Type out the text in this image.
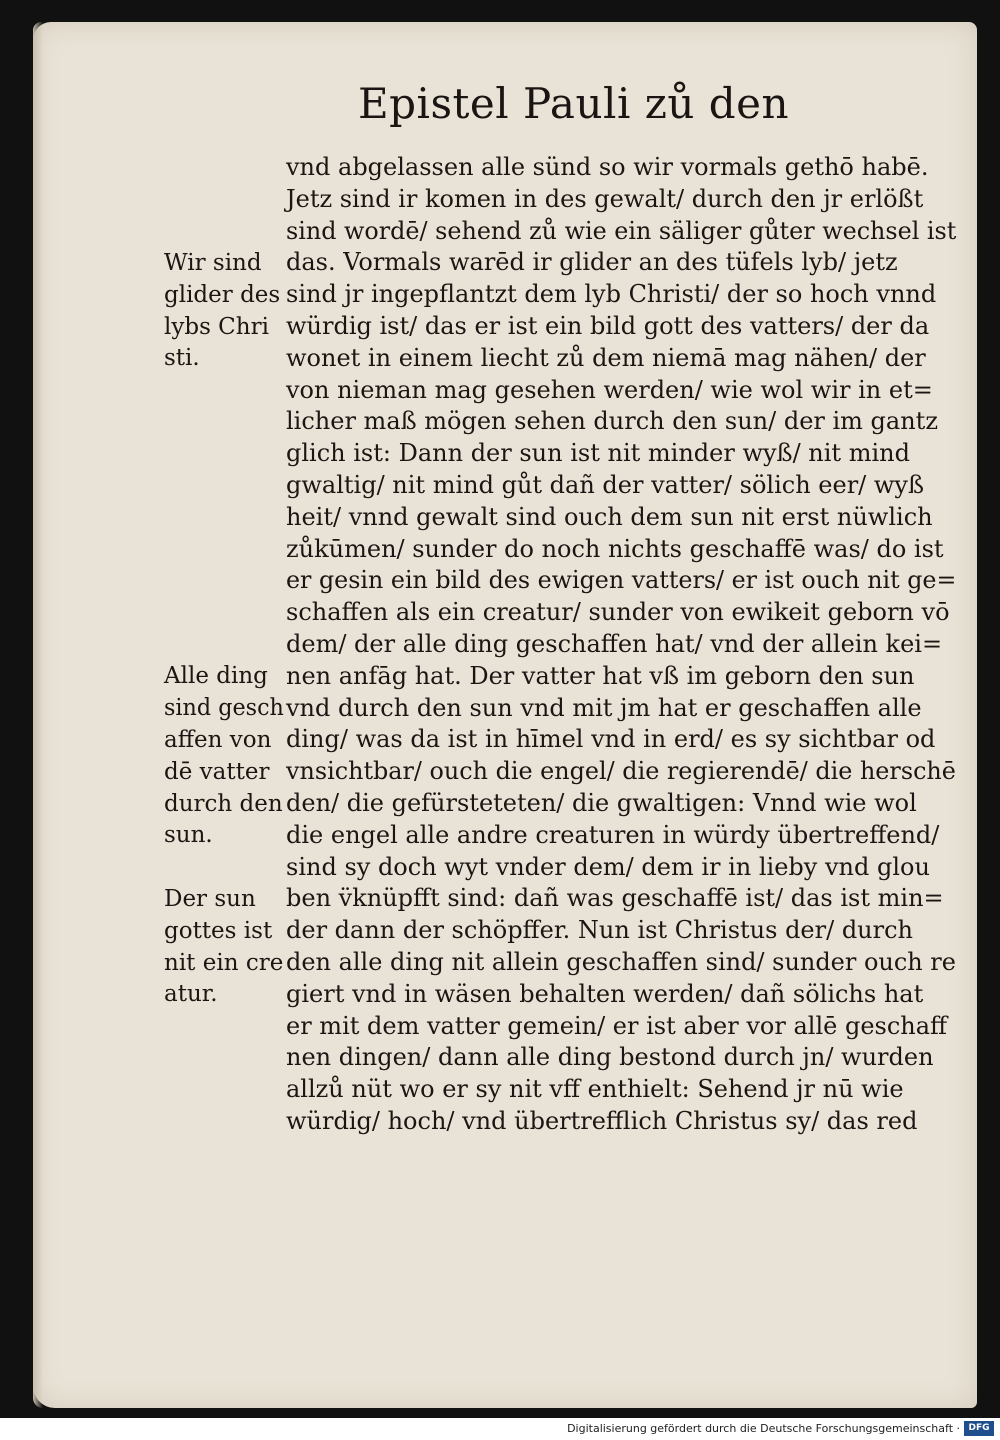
Epistel Pauli zů den
vnd abgelassen alle sünd so wir vormals gethō habē.
Jetz sind ir komen in des gewalt/ durch den jr erlößt
sind wordē/ sehend zů wie ein säliger gůter wechsel ist
das. Vormals warēd ir glider an des tüfels lyb/ jetz
sind jr ingepflantzt dem lyb Christi/ der so hoch vnnd
würdig ist/ das er ist ein bild gott des vatters/ der da
wonet in einem liecht zů dem niemā mag nähen/ der
von nieman mag gesehen werden/ wie wol wir in et=
licher maß mögen sehen durch den sun/ der im gantz
glich ist: Dann der sun ist nit minder wyß/ nit mind
gwaltig/ nit mind gůt dañ der vatter/ sölich eer/ wyß
heit/ vnnd gewalt sind ouch dem sun nit erst nüwlich
zůkūmen/ sunder do noch nichts geschaffē was/ do ist
er gesin ein bild des ewigen vatters/ er ist ouch nit ge=
schaffen als ein creatur/ sunder von ewikeit geborn vō
dem/ der alle ding geschaffen hat/ vnd der allein kei=
nen anfāg hat. Der vatter hat vß im geborn den sun
vnd durch den sun vnd mit jm hat er geschaffen alle
ding/ was da ist in hīmel vnd in erd/ es sy sichtbar od
vnsichtbar/ ouch die engel/ die regierendē/ die herschē
den/ die gefürsteteten/ die gwaltigen: Vnnd wie wol
die engel alle andre creaturen in würdy übertreffend/
sind sy doch wyt vnder dem/ dem ir in lieby vnd glou
ben v̈knüpfft sind: dañ was geschaffē ist/ das ist min=
der dann der schöpffer. Nun ist Christus der/ durch
den alle ding nit allein geschaffen sind/ sunder ouch re
giert vnd in wäsen behalten werden/ dañ sölichs hat
er mit dem vatter gemein/ er ist aber vor allē geschaff
nen dingen/ dann alle ding bestond durch jn/ wurden
allzů nüt wo er sy nit vff enthielt: Sehend jr nū wie
würdig/ hoch/ vnd übertrefflich Christus sy/ das red
Wir sind
glider des
lybs Chri
sti.
Alle ding
sind gesch
affen von
dē vatter
durch den
sun.
Der sun
gottes ist
nit ein cre
atur.
Digitalisierung gefördert durch die Deutsche Forschungsgemeinschaft · DFG
